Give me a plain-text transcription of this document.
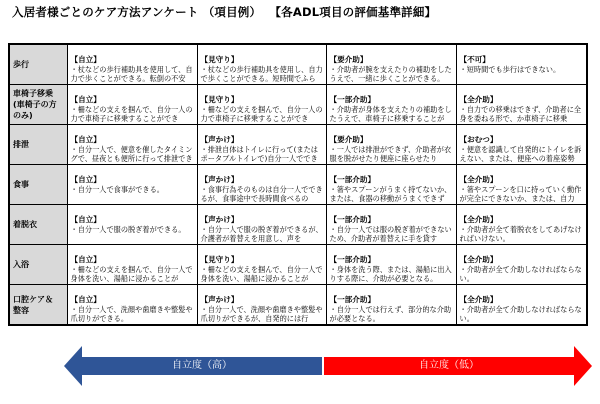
入居者様ごとのケア方法アンケート （項目例） 【各ADL項目の評価基準詳細】
歩行	【自立】
・杖などの歩行補助具を使用して、自力で歩くことができる。転倒の不安	【見守り】
・杖などの歩行補助具を使用し、自力で歩くことができる。短時間でふら	【要介助】
・介助者が腕を支えたりの補助をしたうえで、一緒に歩くことができる。	【不可】
・短時間でも歩行はできない。

車椅子移乗
(車椅子の方
のみ)	【自立】
・柵などの支えを掴んで、自分一人の力で車椅子に移乗することができ	【見守り】
・柵などの支えを掴んで、自分一人の力で車椅子に移乗することができ	【一部介助】
・介助者が身体を支えたりの補助をしたうえで、車椅子に移乗することが	【全介助】
・自力での移乗はできず、介助者に全身を委ねる形で、か車椅子に移乗

排泄	【自立】
・自分一人で、便意を催したタイミングで、昼夜とも便所に行って排泄でき	【声かけ】
・排泄自体はトイレに行って(または ポータブルトイレで)自分一人ででき	【要介助】
・一人では排泄ができず、介助者が衣服を脱がせたり便座に座らせたり	【おむつ】
・便意を認識して自発的にトイレを訴えない、または、便座への着座姿勢

食事	【自立】
・自分一人で食事ができる。	【声かけ】
・食事行為そのものは自分一人でできるが、食事途中で長時間食べるの	【一部介助】
・箸やスプーンがうまく持てないか、または、食器の移動がうまくできず	【全介助】
・箸やスプーンを口に持っていく動作が完全にできないか、または、自力

着脱衣	【自立】
・自分一人で服の脱ぎ着ができる。	【声かけ】
・自分一人で服の脱ぎ着ができるが、介護者が着替えを用意し、声を	【一部介助】
・自分一人では服の脱ぎ着ができないため、介助者が着替えに手を貸す	【全介助】
・介助者が全て着脱衣をしてあげなければいけない。

入浴	【自立】
・柵などの支えを掴んで、自分一人で身体を洗い、湯船に浸かることが	【見守り】
・柵などの支えを掴んで、自分一人で身体を洗い、湯船に浸かることが	【一部介助】
・身体を洗う際、または、湯船に出入りする際に、介助が必要となる。	【全介助】
・介助者が全て介助しなければならない。

口腔ケア＆
整容	【自立】
・自分一人で、洗顔や歯磨きや整髪や爪切りができる。	【声かけ】
・自分一人で、洗顔や歯磨きや整髪や爪切りができるが、自発的には行	【一部介助】
・自分一人では行えず、部分的な介助が必要となる。	【全介助】
・介助者が全て介助しなければならない。
自立度（高）	自立度（低）
